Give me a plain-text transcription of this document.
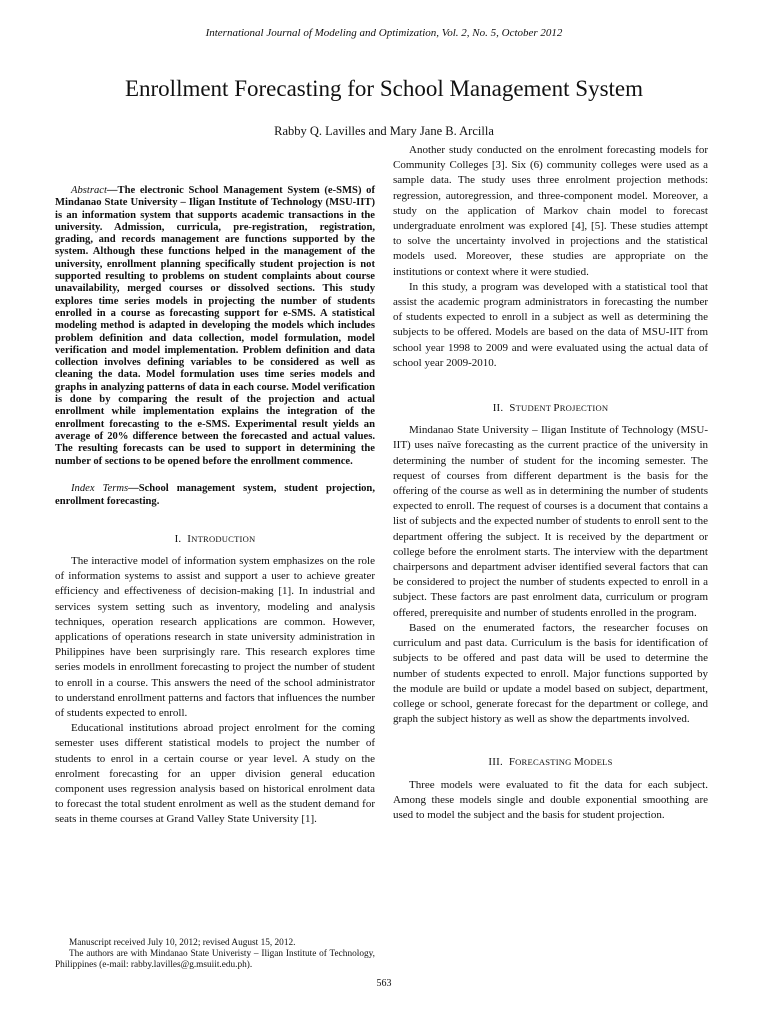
International Journal of Modeling and Optimization, Vol. 2, No. 5, October 2012
Enrollment Forecasting for School Management System
Rabby Q. Lavilles and Mary Jane B. Arcilla

Abstract—The electronic School Management System (e-SMS) of Mindanao State University – Iligan Institute of Technology (MSU-IIT) is an information system that supports academic transactions in the university. Admission, curricula, pre-registration, registration, grading, and records management are functions supported by the system. Although these functions helped in the management of the university, enrollment planning specifically student projection is not supported resulting to problems on student complaints about course unavailability, merged courses or dissolved sections. This study explores time series models in projecting the number of students enrolled in a course as forecasting support for e-SMS. A statistical modeling method is adapted in developing the models which includes problem definition and data collection, model formulation, model verification and model implementation. Problem definition and data collection involves defining variables to be considered as well as cleaning the data. Model formulation uses time series models and graphs in analyzing patterns of data in each course. Model verification is done by comparing the result of the projection and actual enrollment while implementation explains the integration of the enrollment forecasting to the e-SMS. Experimental result yields an average of 20% difference between the forecasted and actual values. The resulting forecasts can be used to support in determining the number of sections to be opened before the enrollment commence.

Index Terms—School management system, student projection, enrollment forecasting.

I. INTRODUCTION

The interactive model of information system emphasizes on the role of information systems to assist and support a user to achieve greater efficiency and effectiveness of decision-making [1]. In industrial and services system setting such as inventory, modeling and analysis techniques, operation research applications are common. However, applications of operations research in state university administration in Philippines have been surprisingly rare. This research explores time series models in enrollment forecasting to project the number of student to enroll in a course. This answers the need of the school administrator to understand enrollment patterns and factors that influences the number of students expected to enroll.

Educational institutions abroad project enrolment for the coming semester uses different statistical models to project the number of students to enrol in a certain course or year level. A study on the enrolment forecasting for an upper division general education component uses regression analysis based on historical enrolment data to forecast the total student enrolment as well as the student demand for seats in theme courses at Grand Valley State University [1].

Another study conducted on the enrolment forecasting models for Community Colleges [3]. Six (6) community colleges were used as a sample data. The study uses three enrolment projection methods: regression, autoregression, and three-component model. Moreover, a study on the application of Markov chain model to forecast undergraduate enrolment was explored [4], [5]. These studies attempt to solve the uncertainty involved in projections and the statistical models used. Moreover, these studies are appropriate on the institutions or context where it were studied.

In this study, a program was developed with a statistical tool that assist the academic program administrators in forecasting the number of students expected to enroll in a subject as well as determining the subjects to be offered. Models are based on the data of MSU-IIT from school year 1998 to 2009 and were evaluated using the actual data of school year 2009-2010.

II. STUDENT PROJECTION

Mindanao State University – Iligan Institute of Technology (MSU-IIT) uses naïve forecasting as the current practice of the university in determining the number of student for the incoming semester. The request of courses from different department is the basis for the offering of the course as well as in determining the number of students expected to enroll. The request of courses is a document that contains a list of subjects and the expected number of students to enroll sent to the department offering the subject. It is received by the department or college before the enrolment starts. The interview with the department chairpersons and department adviser identified several factors that can be considered to project the number of students expected to enroll in a subject. These factors are past enrolment data, curriculum or program offered, prerequisite and number of students enrolled in the program.

Based on the enumerated factors, the researcher focuses on curriculum and past data. Curriculum is the basis for identification of subjects to be offered and past data will be used to determine the number of students expected to enroll. Major functions supported by the module are build or update a model based on subject, department, college or school, generate forecast for the department or college, and graph the subject history as well as show the departments involved.

III. FORECASTING MODELS

Three models were evaluated to fit the data for each subject. Among these models single and double exponential smoothing are used to model the subject and the basis for student projection.

Manuscript received July 10, 2012; revised August 15, 2012.

The authors are with Mindanao State Univeristy – Iligan Institute of Technology, Philippines (e-mail: rabby.lavilles@g.msuiit.edu.ph).

563
